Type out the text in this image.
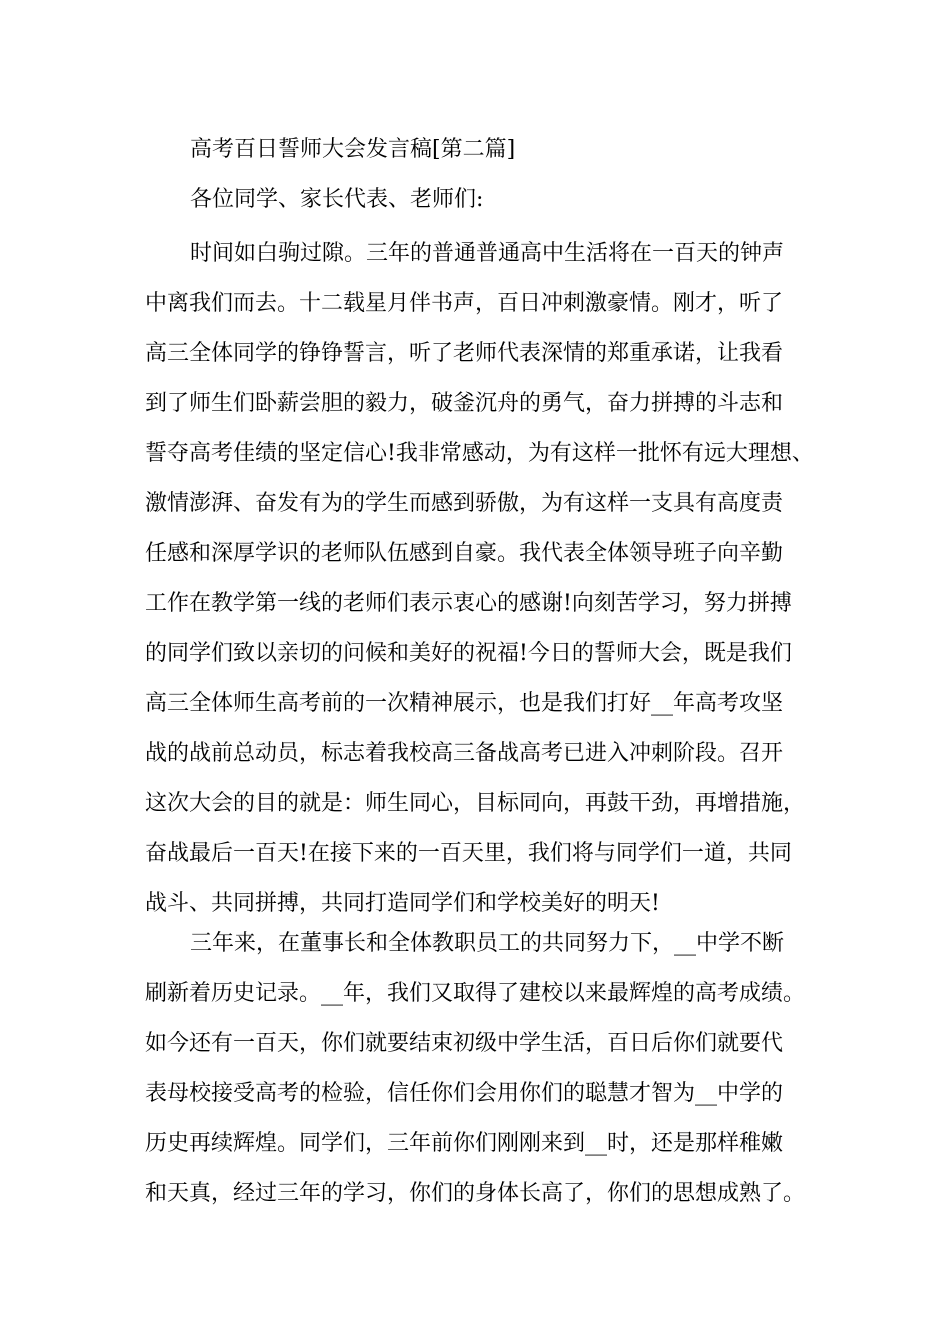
高考百日誓师大会发言稿[第二篇]
各位同学、家长代表、老师们:
时间如白驹过隙。三年的普通普通高中生活将在一百天的钟声
中离我们而去。十二载星月伴书声，百日冲刺激豪情。刚才，听了
高三全体同学的铮铮誓言，听了老师代表深情的郑重承诺，让我看
到了师生们卧薪尝胆的毅力，破釜沉舟的勇气，奋力拼搏的斗志和
誓夺高考佳绩的坚定信心!我非常感动，为有这样一批怀有远大理想、
激情澎湃、奋发有为的学生而感到骄傲，为有这样一支具有高度责
任感和深厚学识的老师队伍感到自豪。我代表全体领导班子向辛勤
工作在教学第一线的老师们表示衷心的感谢!向刻苦学习，努力拼搏
的同学们致以亲切的问候和美好的祝福!今日的誓师大会，既是我们
高三全体师生高考前的一次精神展示，也是我们打好__年高考攻坚
战的战前总动员，标志着我校高三备战高考已进入冲刺阶段。召开
这次大会的目的就是：师生同心，目标同向，再鼓干劲，再增措施，
奋战最后一百天!在接下来的一百天里，我们将与同学们一道，共同
战斗、共同拼搏，共同打造同学们和学校美好的明天!
三年来，在董事长和全体教职员工的共同努力下，__中学不断
刷新着历史记录。__年，我们又取得了建校以来最辉煌的高考成绩。
如今还有一百天，你们就要结束初级中学生活，百日后你们就要代
表母校接受高考的检验，信任你们会用你们的聪慧才智为__中学的
历史再续辉煌。同学们，三年前你们刚刚来到__时，还是那样稚嫩
和天真，经过三年的学习，你们的身体长高了，你们的思想成熟了。
